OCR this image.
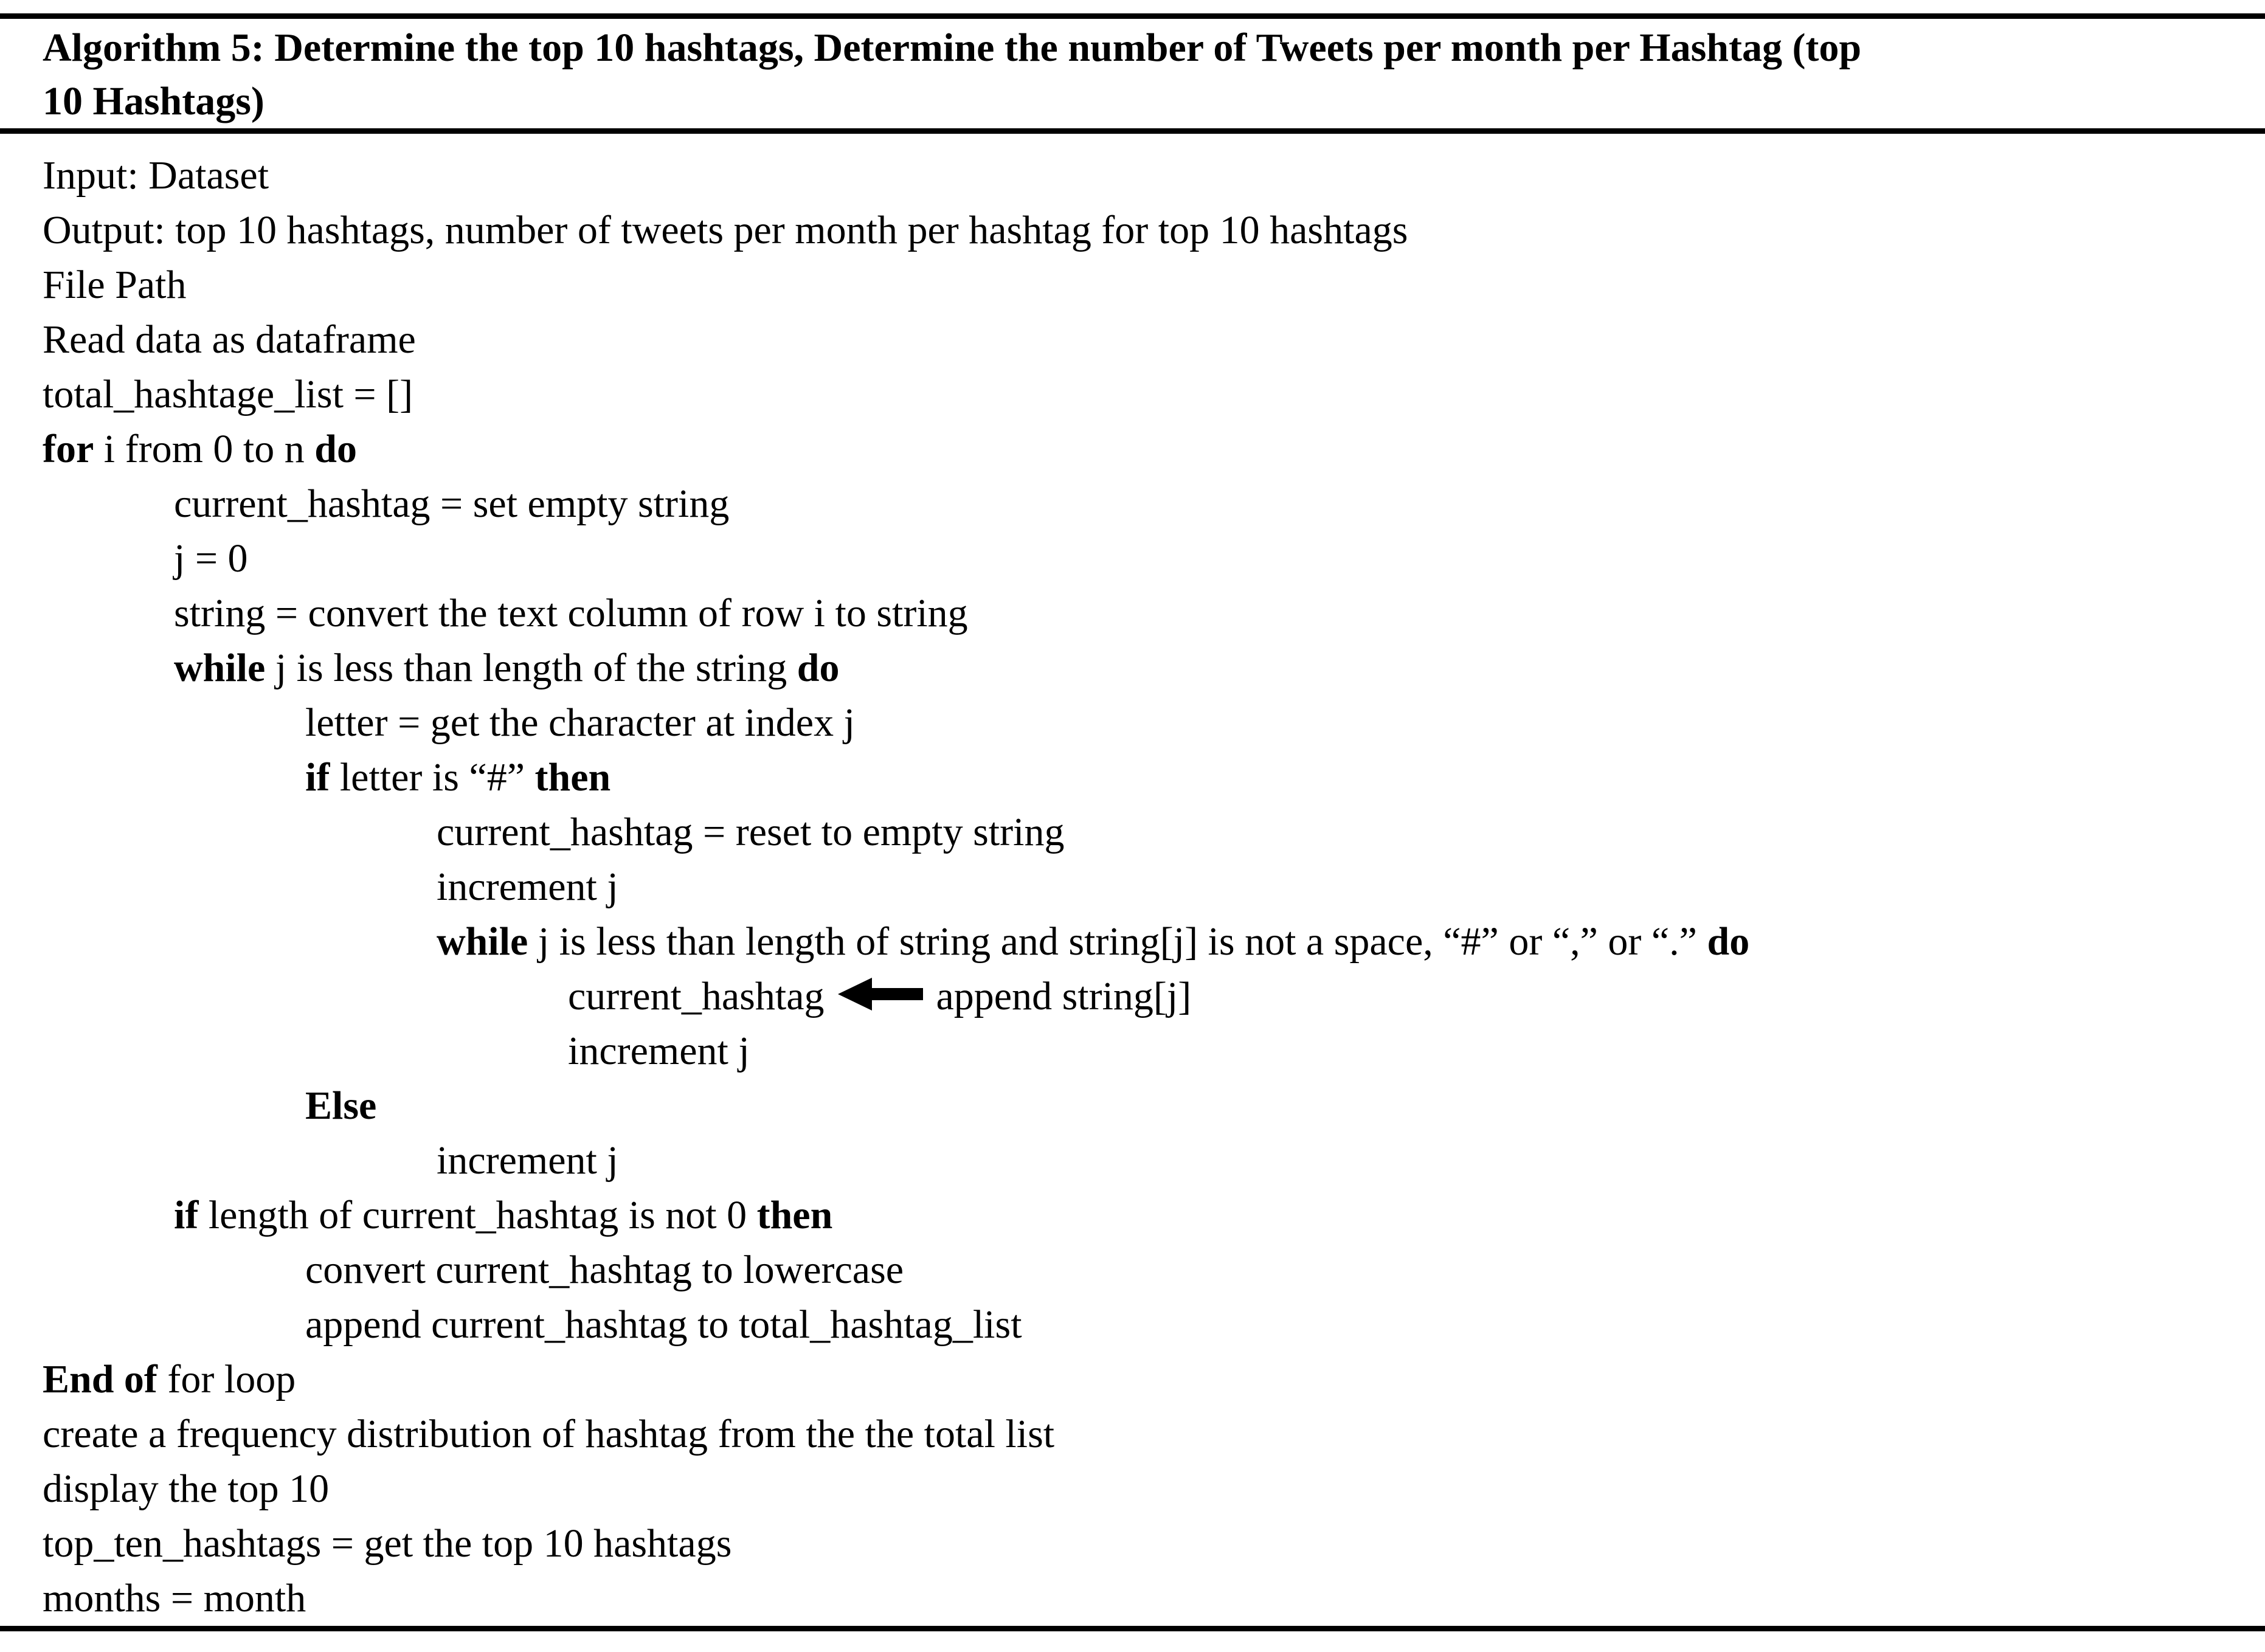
Algorithm 5: Determine the top 10 hashtags, Determine the number of Tweets per month per Hashtag (top
10 Hashtags)
Input: Dataset
Output: top 10 hashtags, number of tweets per month per hashtag for top 10 hashtags
File Path
Read data as dataframe
total_hashtage_list = []
for i from 0 to n do
current_hashtag = set empty string
j = 0
string = convert the text column of row i to string
while j is less than length of the string do
letter = get the character at index j
if letter is “#” then
current_hashtag = reset to empty string
increment j
while j is less than length of string and string[j] is not a space, “#” or “,” or “.” do
current_hashtag	append string[j]
increment j
Else
increment j
if length of current_hashtag is not 0 then
convert current_hashtag to lowercase
append current_hashtag to total_hashtag_list
End of for loop
create a frequency distribution of hashtag from the the total list
display the top 10
top_ten_hashtags = get the top 10 hashtags
months = month
